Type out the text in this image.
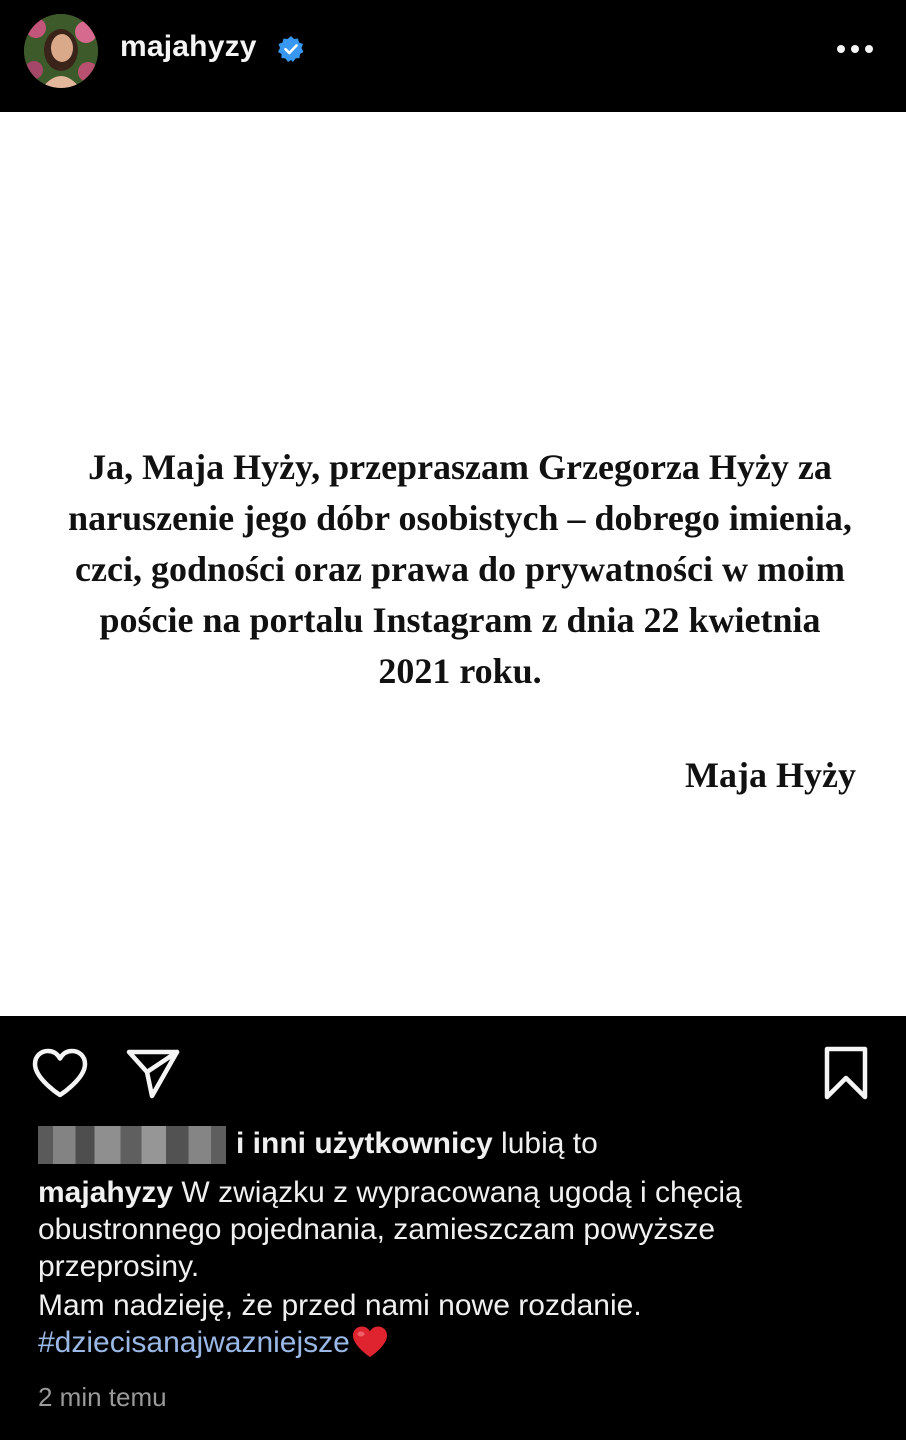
majahyzy
Ja, Maja Hyży, przepraszam Grzegorza Hyży za naruszenie jego dóbr osobistych – dobrego imienia, czci, godności oraz prawa do prywatności w moim poście na portalu Instagram z dnia 22 kwietnia 2021 roku.
Maja Hyży
i inni użytkownicy lubią to
majahyzy W związku z wypracowaną ugodą i chęcią obustronnego pojednania, zamieszczam powyższe przeprosiny.
Mam nadzieję, że przed nami nowe rozdanie.
#dziecisanajwazniejsze
2 min temu
